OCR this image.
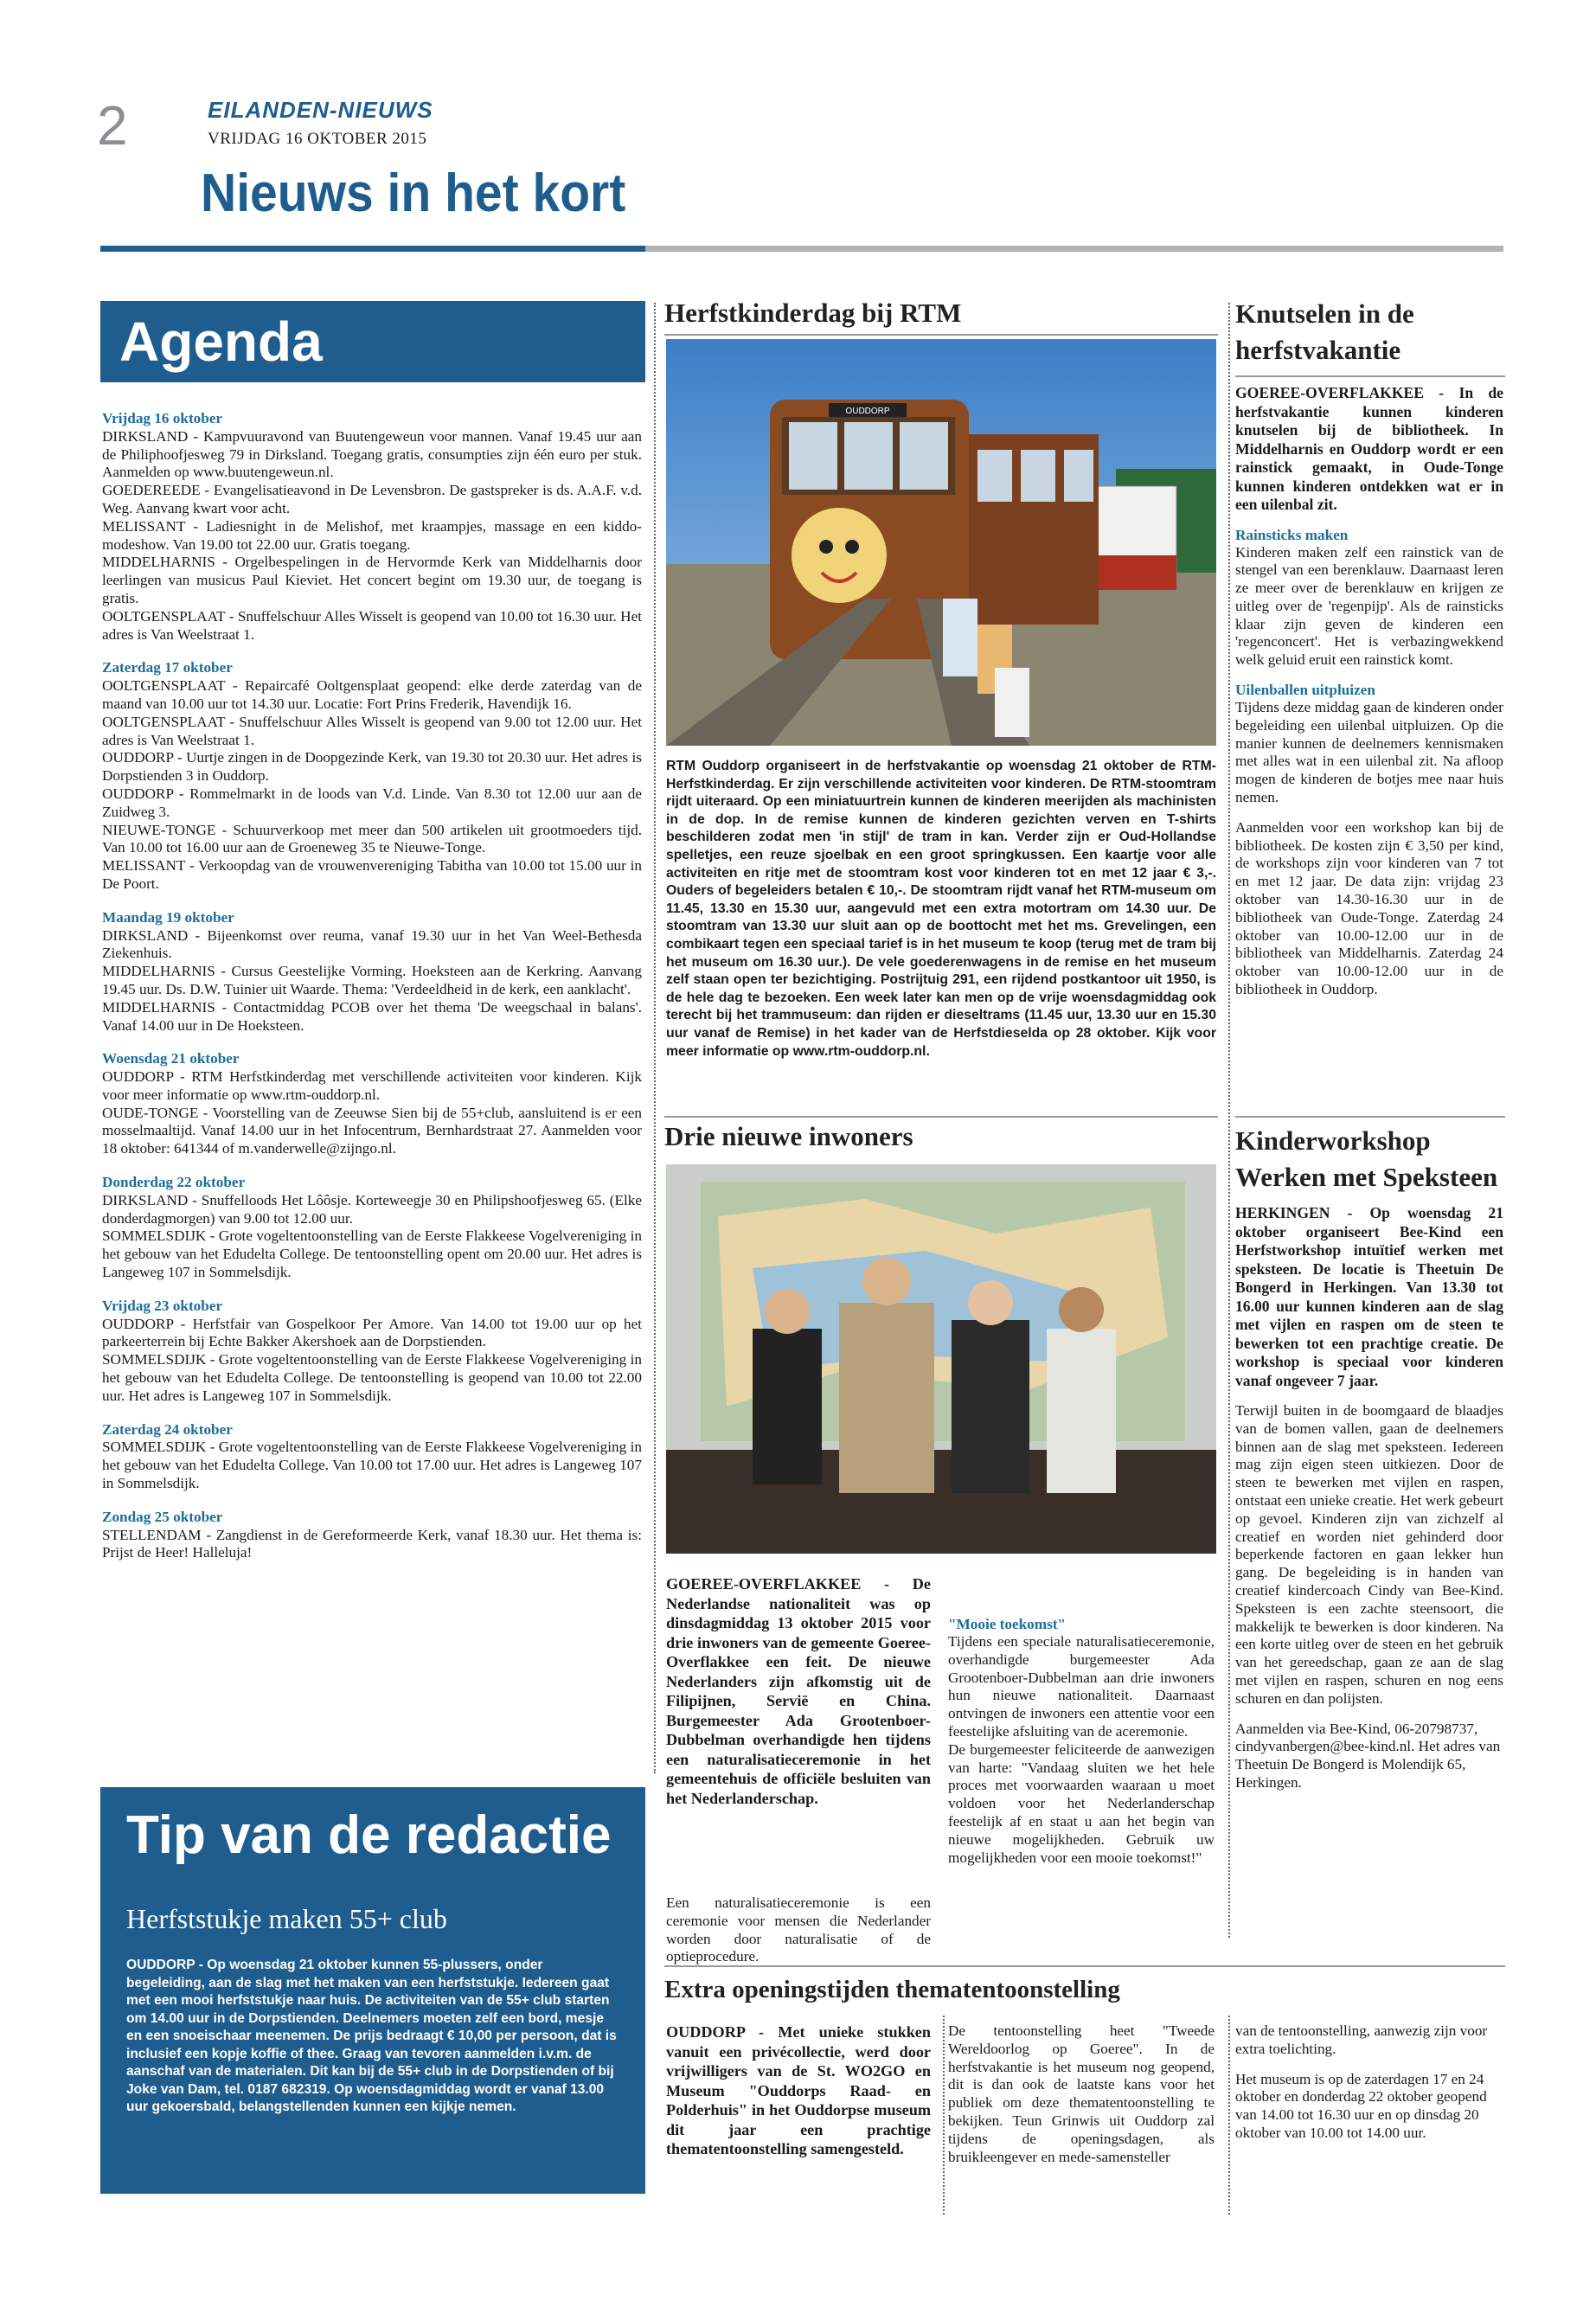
2	EILANDEN-NIEUWS
VRIJDAG 16 OKTOBER 2015
Nieuws in het kort
Agenda
Vrijdag 16 oktober
DIRKSLAND - Kampvuuravond van Buutengeweun voor mannen. Vanaf 19.45 uur aan de Philiphoofjesweg 79 in Dirksland. Toegang gratis, consumpties zijn één euro per stuk. Aanmelden op www.buutengeweun.nl.
GOEDEREEDE - Evangelisatieavond in De Levensbron. De gastspreker is ds. A.A.F. v.d. Weg. Aanvang kwart voor acht.
MELISSANT - Ladiesnight in de Melishof, met kraampjes, massage en een kiddo-modeshow. Van 19.00 tot 22.00 uur. Gratis toegang.
MIDDELHARNIS - Orgelbespelingen in de Hervormde Kerk van Middelharnis door leerlingen van musicus Paul Kieviet. Het concert begint om 19.30 uur, de toegang is gratis.
OOLTGENSPLAAT - Snuffelschuur Alles Wisselt is geopend van 10.00 tot 16.30 uur. Het adres is Van Weelstraat 1.
Zaterdag 17 oktober
OOLTGENSPLAAT - Repaircafé Ooltgensplaat geopend: elke derde zaterdag van de maand van 10.00 uur tot 14.30 uur. Locatie: Fort Prins Frederik, Havendijk 16.
OOLTGENSPLAAT - Snuffelschuur Alles Wisselt is geopend van 9.00 tot 12.00 uur. Het adres is Van Weelstraat 1.
OUDDORP - Uurtje zingen in de Doopgezinde Kerk, van 19.30 tot 20.30 uur. Het adres is Dorpstienden 3 in Ouddorp.
OUDDORP - Rommelmarkt in de loods van V.d. Linde. Van 8.30 tot 12.00 uur aan de Zuidweg 3.
NIEUWE-TONGE - Schuurverkoop met meer dan 500 artikelen uit grootmoeders tijd. Van 10.00 tot 16.00 uur aan de Groeneweg 35 te Nieuwe-Tonge.
MELISSANT - Verkoopdag van de vrouwenvereniging Tabitha van 10.00 tot 15.00 uur in De Poort.
Maandag 19 oktober
DIRKSLAND - Bijeenkomst over reuma, vanaf 19.30 uur in het Van Weel-Bethesda Ziekenhuis.
MIDDELHARNIS - Cursus Geestelijke Vorming. Hoeksteen aan de Kerkring. Aanvang 19.45 uur. Ds. D.W. Tuinier uit Waarde. Thema: 'Verdeeldheid in de kerk, een aanklacht'.
MIDDELHARNIS - Contactmiddag PCOB over het thema 'De weegschaal in balans'. Vanaf 14.00 uur in De Hoeksteen.
Woensdag 21 oktober
OUDDORP - RTM Herfstkinderdag met verschillende activiteiten voor kinderen. Kijk voor meer informatie op www.rtm-ouddorp.nl.
OUDE-TONGE - Voorstelling van de Zeeuwse Sien bij de 55+club, aansluitend is er een mosselmaaltijd. Vanaf 14.00 uur in het Infocentrum, Bernhardstraat 27. Aanmelden voor 18 oktober: 641344 of m.vanderwelle@zijngo.nl.
Donderdag 22 oktober
DIRKSLAND - Snuffelloods Het Lôôsje. Korteweegje 30 en Philipshoofjesweg 65. (Elke donderdagmorgen) van 9.00 tot 12.00 uur.
SOMMELSDIJK - Grote vogeltentoonstelling van de Eerste Flakkeese Vogelvereniging in het gebouw van het Edudelta College. De tentoonstelling opent om 20.00 uur. Het adres is Langeweg 107 in Sommelsdijk.
Vrijdag 23 oktober
OUDDORP - Herfstfair van Gospelkoor Per Amore. Van 14.00 tot 19.00 uur op het parkeerterrein bij Echte Bakker Akershoek aan de Dorpstienden.
SOMMELSDIJK - Grote vogeltentoonstelling van de Eerste Flakkeese Vogelvereniging in het gebouw van het Edudelta College. De tentoonstelling is geopend van 10.00 tot 22.00 uur. Het adres is Langeweg 107 in Sommelsdijk.
Zaterdag 24 oktober
SOMMELSDIJK - Grote vogeltentoonstelling van de Eerste Flakkeese Vogelvereniging in het gebouw van het Edudelta College. Van 10.00 tot 17.00 uur. Het adres is Langeweg 107 in Sommelsdijk.
Zondag 25 oktober
STELLENDAM - Zangdienst in de Gereformeerde Kerk, vanaf 18.30 uur. Het thema is: Prijst de Heer! Halleluja!
Tip van de redactie
Herfststukje maken 55+ club
OUDDORP - Op woensdag 21 oktober kunnen 55-plussers, onder begeleiding, aan de slag met het maken van een herfststukje. Iedereen gaat met een mooi herfststukje naar huis. De activiteiten van de 55+ club starten om 14.00 uur in de Dorpstienden. Deelnemers moeten zelf een bord, mesje en een snoeischaar meenemen. De prijs bedraagt € 10,00 per persoon, dat is inclusief een kopje koffie of thee. Graag van tevoren aanmelden i.v.m. de aanschaf van de materialen. Dit kan bij de 55+ club in de Dorpstienden of bij Joke van Dam, tel. 0187 682319. Op woensdagmiddag wordt er vanaf 13.00 uur gekoersbald, belangstellenden kunnen een kijkje nemen.
Herfstkinderdag bij RTM
OUDDORP
RTM Ouddorp organiseert in de herfstvakantie op woensdag 21 oktober de RTM-Herfstkinderdag. Er zijn verschillende activiteiten voor kinderen. De RTM-stoomtram rijdt uiteraard. Op een miniatuurtrein kunnen de kinderen meerijden als machinisten in de dop. In de remise kunnen de kinderen gezichten verven en T-shirts beschilderen zodat men 'in stijl' de tram in kan. Verder zijn er Oud-Hollandse spelletjes, een reuze sjoelbak en een groot springkussen. Een kaartje voor alle activiteiten en ritje met de stoomtram kost voor kinderen tot en met 12 jaar € 3,-. Ouders of begeleiders betalen € 10,-. De stoomtram rijdt vanaf het RTM-museum om 11.45, 13.30 en 15.30 uur, aangevuld met een extra motortram om 14.30 uur. De stoomtram van 13.30 uur sluit aan op de boottocht met het ms. Grevelingen, een combikaart tegen een speciaal tarief is in het museum te koop (terug met de tram bij het museum om 16.30 uur.). De vele goederenwagens in de remise en het museum zelf staan open ter bezichtiging. Postrijtuig 291, een rijdend postkantoor uit 1950, is de hele dag te bezoeken. Een week later kan men op de vrije woensdagmiddag ook terecht bij het trammuseum: dan rijden er dieseltrams (11.45 uur, 13.30 uur en 15.30 uur vanaf de Remise) in het kader van de Herfstdieselda op 28 oktober. Kijk voor meer informatie op www.rtm-ouddorp.nl.
Drie nieuwe inwoners
GOEREE-OVERFLAKKEE - De Nederlandse nationaliteit was op dinsdagmiddag 13 oktober 2015 voor drie inwoners van de gemeente Goeree-Overflakkee een feit. De nieuwe Nederlanders zijn afkomstig uit de Filipijnen, Servië en China. Burgemeester Ada Grootenboer-Dubbelman overhandigde hen tijdens een naturalisatieceremonie in het gemeentehuis de officiële besluiten van het Nederlanderschap.
Een naturalisatieceremonie is een ceremonie voor mensen die Nederlander worden door naturalisatie of de optieprocedure.
"Mooie toekomst"
Tijdens een speciale naturalisatieceremonie, overhandigde burgemeester Ada Grootenboer-Dubbelman aan drie inwoners hun nieuwe nationaliteit. Daarnaast ontvingen de inwoners een attentie voor een feestelijke afsluiting van de aceremonie.
De burgemeester feliciteerde de aanwezigen van harte: "Vandaag sluiten we het hele proces met voorwaarden waaraan u moet voldoen voor het Nederlanderschap feestelijk af en staat u aan het begin van nieuwe mogelijkheden. Gebruik uw mogelijkheden voor een mooie toekomst!"
Knutselen in de
herfstvakantie
GOEREE-OVERFLAKKEE - In de herfstvakantie kunnen kinderen knutselen bij de bibliotheek. In Middelharnis en Ouddorp wordt er een rainstick gemaakt, in Oude-Tonge kunnen kinderen ontdekken wat er in een uilenbal zit.
Rainsticks maken
Kinderen maken zelf een rainstick van de stengel van een berenklauw. Daarnaast leren ze meer over de berenklauw en krijgen ze uitleg over de 'regenpijp'. Als de rainsticks klaar zijn geven de kinderen een 'regenconcert'. Het is verbazingwekkend welk geluid eruit een rainstick komt.
Uilenballen uitpluizen
Tijdens deze middag gaan de kinderen onder begeleiding een uilenbal uitpluizen. Op die manier kunnen de deelnemers kennismaken met alles wat in een uilenbal zit. Na afloop mogen de kinderen de botjes mee naar huis nemen.
Aanmelden voor een workshop kan bij de bibliotheek. De kosten zijn € 3,50 per kind, de workshops zijn voor kinderen van 7 tot en met 12 jaar. De data zijn: vrijdag 23 oktober van 14.30-16.30 uur in de bibliotheek van Oude-Tonge. Zaterdag 24 oktober van 10.00-12.00 uur in de bibliotheek van Middelharnis. Zaterdag 24 oktober van 10.00-12.00 uur in de bibliotheek in Ouddorp.
Kinderworkshop
Werken met Speksteen
HERKINGEN - Op woensdag 21 oktober organiseert Bee-Kind een Herfstworkshop intuïtief werken met speksteen. De locatie is Theetuin De Bongerd in Herkingen. Van 13.30 tot 16.00 uur kunnen kinderen aan de slag met vijlen en raspen om de steen te bewerken tot een prachtige creatie. De workshop is speciaal voor kinderen vanaf ongeveer 7 jaar.
Terwijl buiten in de boomgaard de blaadjes van de bomen vallen, gaan de deelnemers binnen aan de slag met speksteen. Iedereen mag zijn eigen steen uitkiezen. Door de steen te bewerken met vijlen en raspen, ontstaat een unieke creatie. Het werk gebeurt op gevoel. Kinderen zijn van zichzelf al creatief en worden niet gehinderd door beperkende factoren en gaan lekker hun gang. De begeleiding is in handen van creatief kindercoach Cindy van Bee-Kind. Speksteen is een zachte steensoort, die makkelijk te bewerken is door kinderen. Na een korte uitleg over de steen en het gebruik van het gereedschap, gaan ze aan de slag met vijlen en raspen, schuren en nog eens schuren en dan polijsten.
Aanmelden via Bee-Kind, 06-20798737, cindyvanbergen@bee-kind.nl. Het adres van Theetuin De Bongerd is Molendijk 65, Herkingen.
Extra openingstijden thematentoonstelling
OUDDORP - Met unieke stukken vanuit een privécollectie, werd door vrijwilligers van de St. WO2GO en Museum "Ouddorps Raad- en Polderhuis" in het Ouddorpse museum dit jaar een prachtige thematentoonstelling samengesteld.
De tentoonstelling heet "Tweede Wereldoorlog op Goeree". In de herfstvakantie is het museum nog geopend, dit is dan ook de laatste kans voor het publiek om deze thematentoonstelling te bekijken. Teun Grinwis uit Ouddorp zal tijdens de openingsdagen, als bruikleengever en mede-samensteller
van de tentoonstelling, aanwezig zijn voor extra toelichting.
Het museum is op de zaterdagen 17 en 24 oktober en donderdag 22 oktober geopend van 14.00 tot 16.30 uur en op dinsdag 20 oktober van 10.00 tot 14.00 uur.
